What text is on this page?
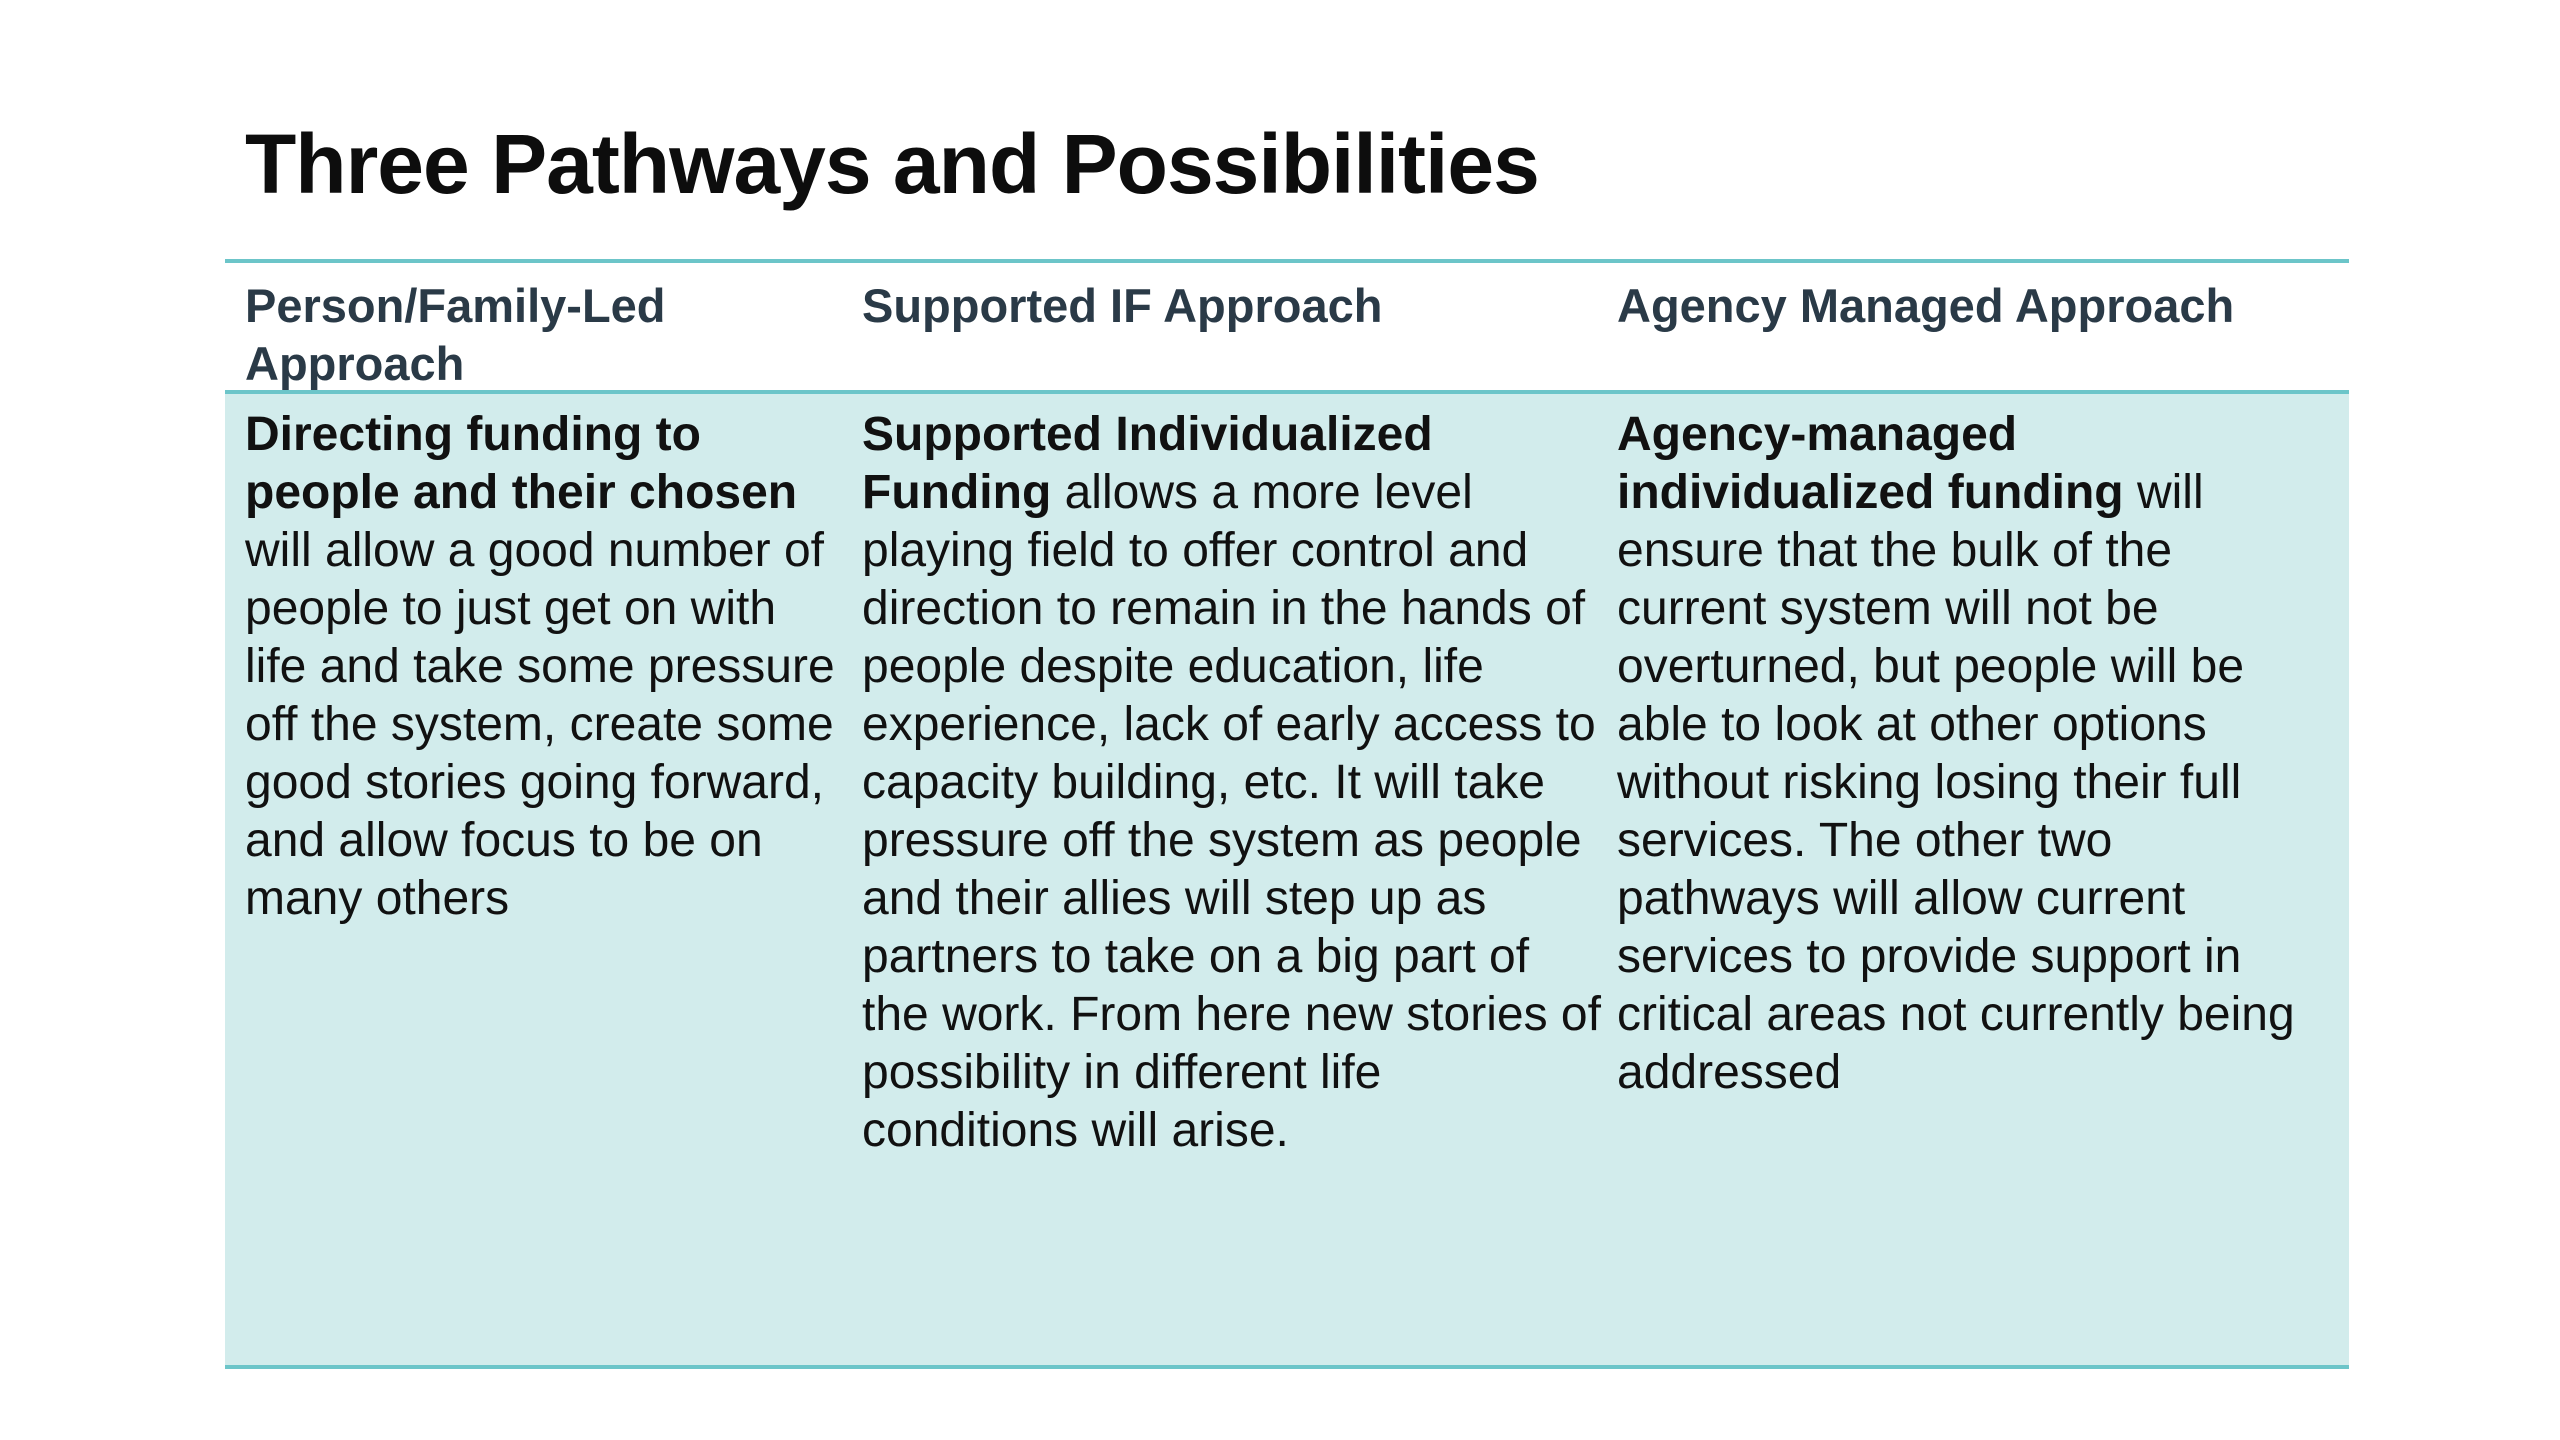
Three Pathways and Possibilities

Person/Family-Led Approach

Supported IF Approach	Agency Managed Approach

Directing funding to people and their chosen will allow a good number of people to just get on with life and take some pressure off the system, create some good stories going forward, and allow focus to be on many others

Supported Individualized Funding allows a more level playing field to offer control and direction to remain in the hands of people despite education, life experience, lack of early access to capacity building, etc. It will take pressure off the system as people and their allies will step up as partners to take on a big part of the work. From here new stories of possibility in different life conditions will arise.

Agency-managed individualized funding will ensure that the bulk of the current system will not be overturned, but people will be able to look at other options without risking losing their full services. The other two pathways will allow current services to provide support in critical areas not currently being addressed
